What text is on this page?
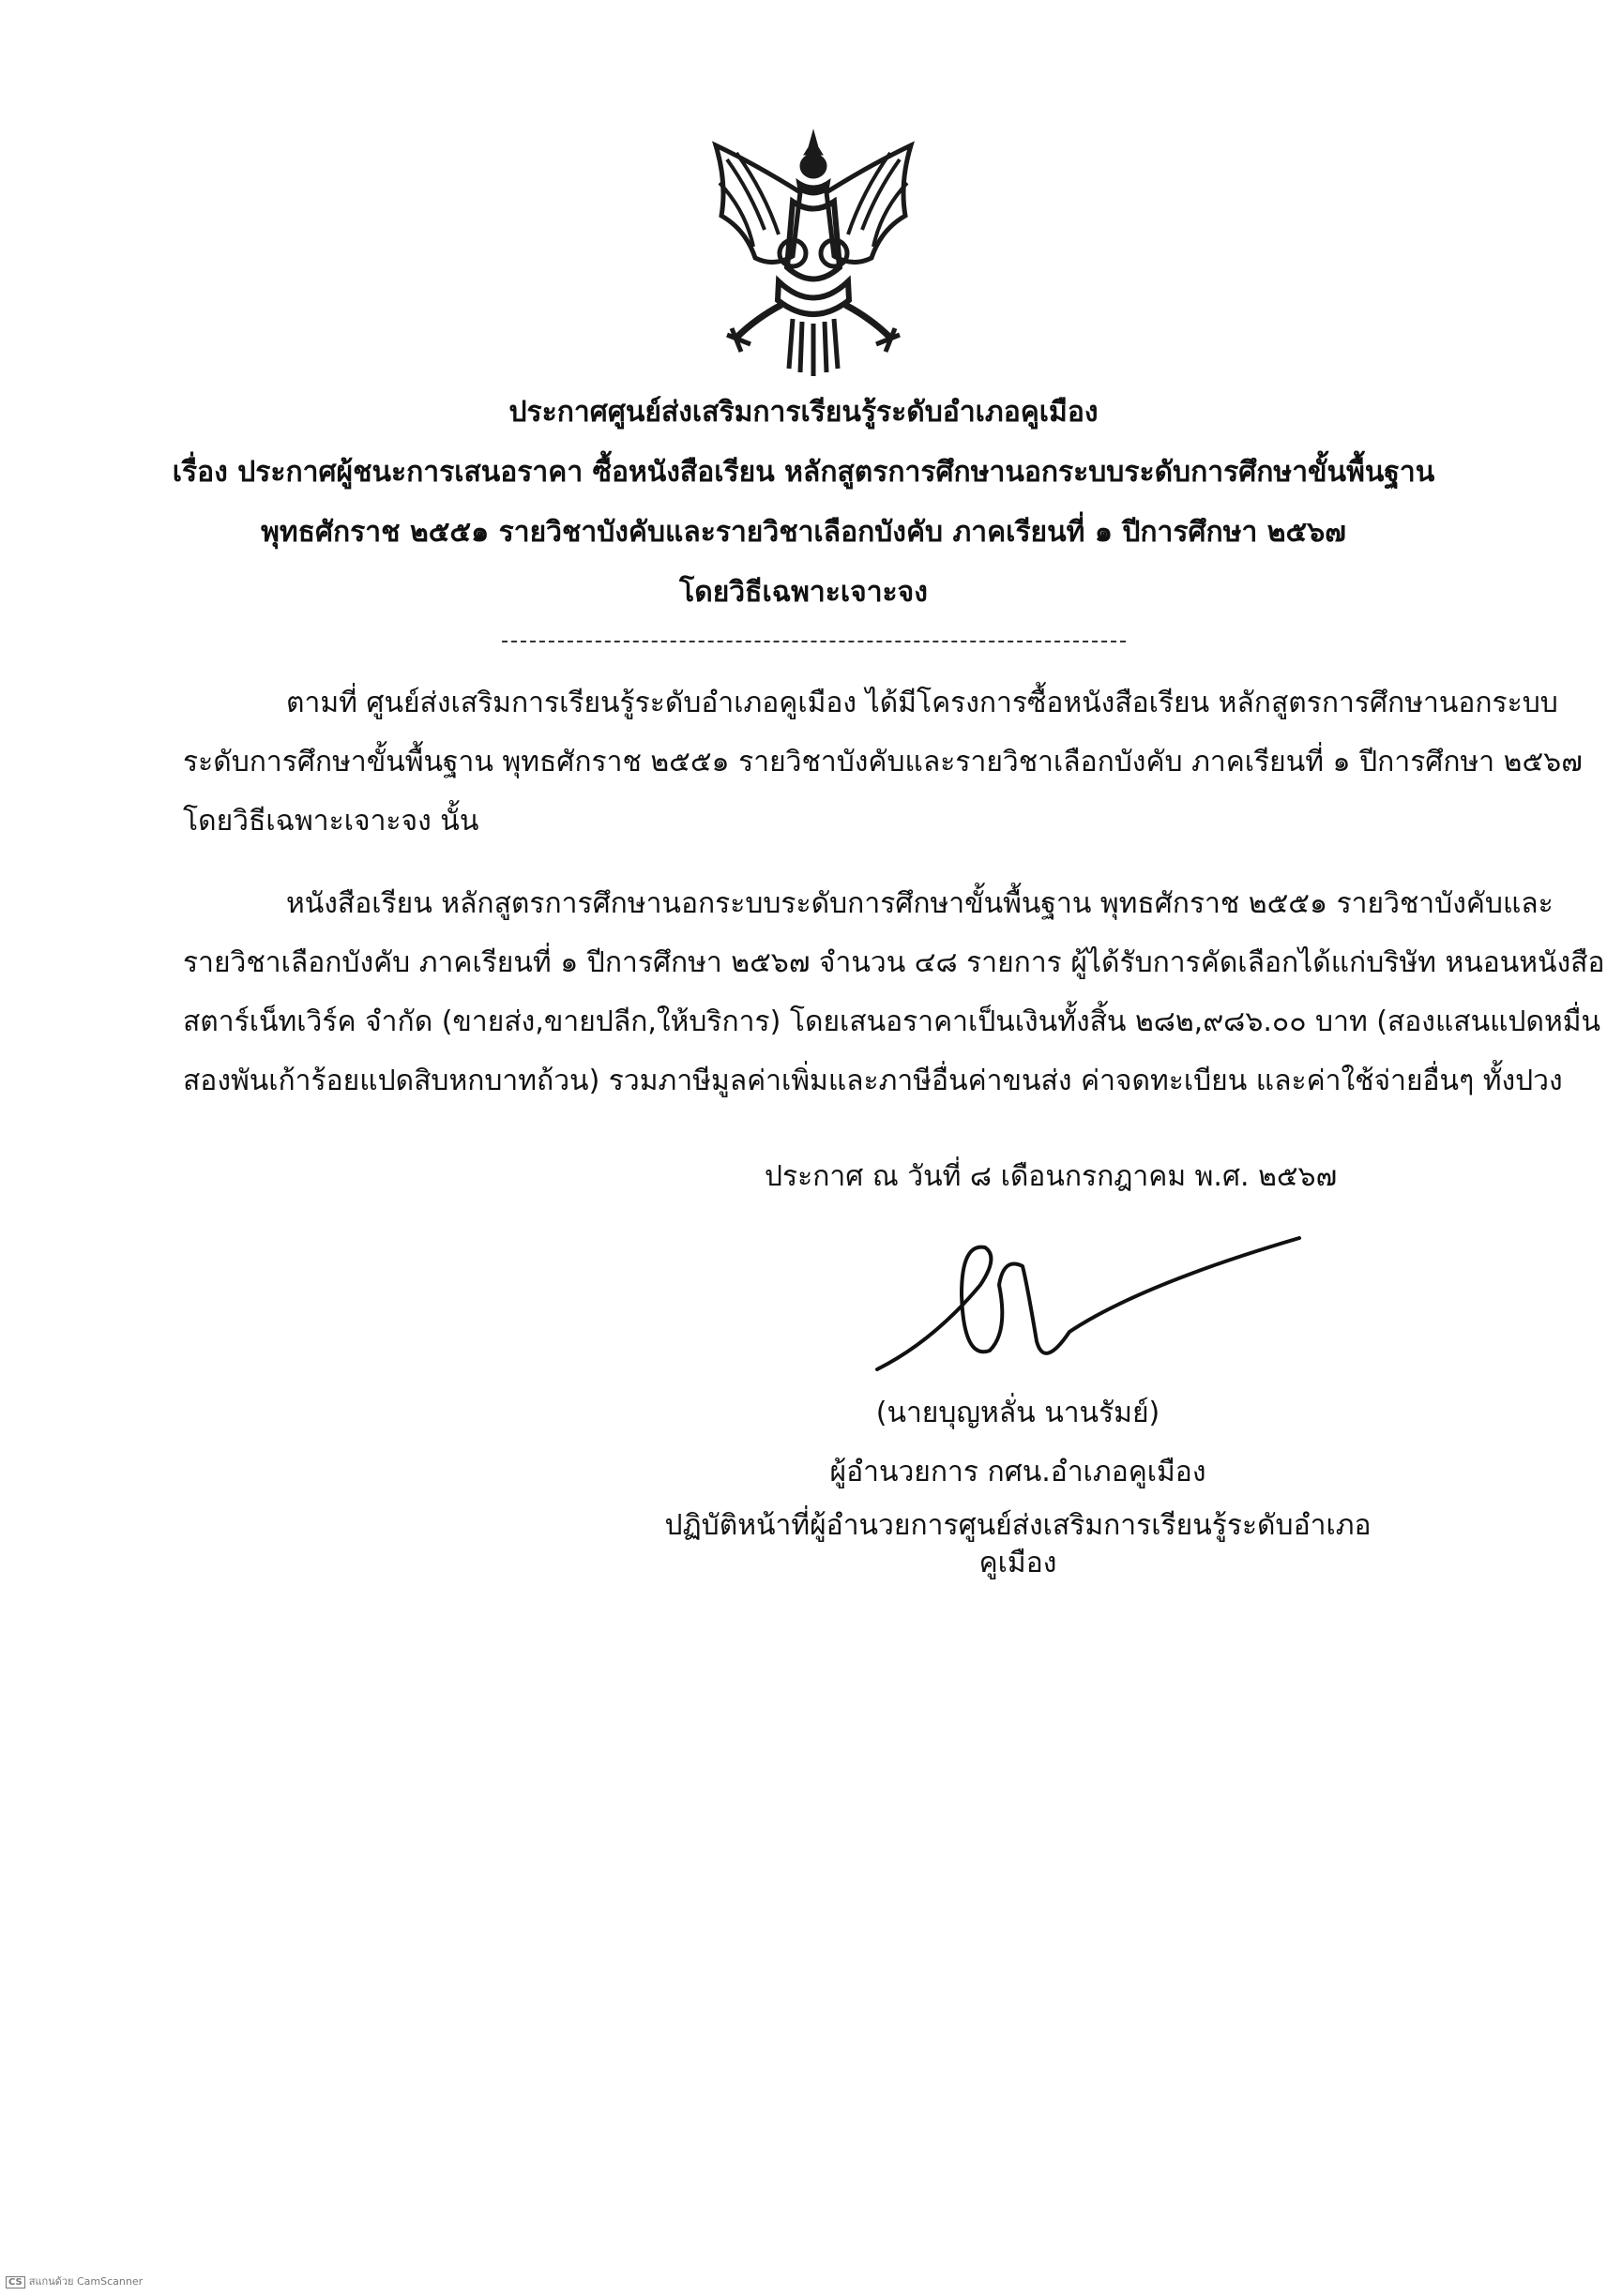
ประกาศศูนย์ส่งเสริมการเรียนรู้ระดับอำเภอคูเมือง
เรื่อง ประกาศผู้ชนะการเสนอราคา ซื้อหนังสือเรียน หลักสูตรการศึกษานอกระบบระดับการศึกษาขั้นพื้นฐาน
พุทธศักราช ๒๕๕๑ รายวิชาบังคับและรายวิชาเลือกบังคับ ภาคเรียนที่ ๑ ปีการศึกษา ๒๕๖๗
โดยวิธีเฉพาะเจาะจง
ตามที่ ศูนย์ส่งเสริมการเรียนรู้ระดับอำเภอคูเมือง ได้มีโครงการซื้อหนังสือเรียน หลักสูตรการศึกษานอกระบบ
ระดับการศึกษาขั้นพื้นฐาน พุทธศักราช ๒๕๕๑ รายวิชาบังคับและรายวิชาเลือกบังคับ ภาคเรียนที่ ๑ ปีการศึกษา ๒๕๖๗
โดยวิธีเฉพาะเจาะจง นั้น
หนังสือเรียน หลักสูตรการศึกษานอกระบบระดับการศึกษาขั้นพื้นฐาน พุทธศักราช ๒๕๕๑ รายวิชาบังคับและ
รายวิชาเลือกบังคับ ภาคเรียนที่ ๑ ปีการศึกษา ๒๕๖๗ จำนวน ๔๘ รายการ ผู้ได้รับการคัดเลือกได้แก่บริษัท หนอนหนังสือ
สตาร์เน็ทเวิร์ค จำกัด (ขายส่ง,ขายปลีก,ให้บริการ) โดยเสนอราคาเป็นเงินทั้งสิ้น ๒๘๒,๙๘๖.๐๐ บาท (สองแสนแปดหมื่น
สองพันเก้าร้อยแปดสิบหกบาทถ้วน) รวมภาษีมูลค่าเพิ่มและภาษีอื่นค่าขนส่ง ค่าจดทะเบียน และค่าใช้จ่ายอื่นๆ ทั้งปวง
ประกาศ ณ วันที่ ๘ เดือนกรกฎาคม พ.ศ. ๒๕๖๗
(นายบุญหลั่น นานรัมย์)
ผู้อำนวยการ กศน.อำเภอคูเมือง
ปฏิบัติหน้าที่ผู้อำนวยการศูนย์ส่งเสริมการเรียนรู้ระดับอำเภอคูเมือง
CS สแกนด้วย CamScanner
